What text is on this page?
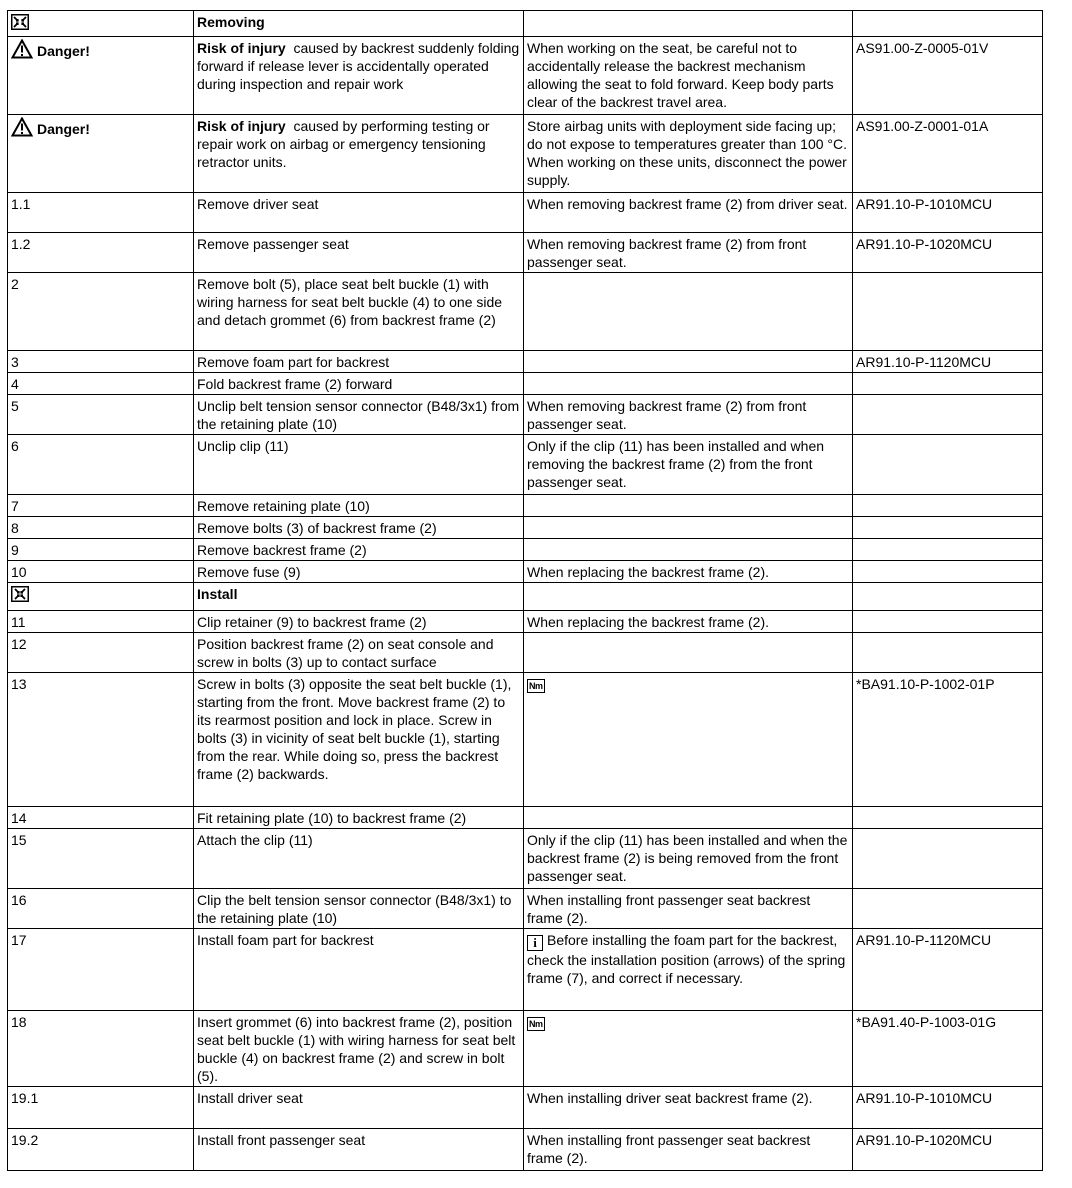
	Removing		
Danger!	Risk of injury caused by backrest suddenly folding forward if release lever is accidentally operated during inspection and repair work	When working on the seat, be careful not to accidentally release the backrest mechanism allowing the seat to fold forward. Keep body parts clear of the backrest travel area.	AS91.00-Z-0005-01V
Danger!	Risk of injury caused by performing testing or repair work on airbag or emergency tensioning retractor units.	Store airbag units with deployment side facing up; do not expose to temperatures greater than 100 °C. When working on these units, disconnect the power supply.	AS91.00-Z-0001-01A
1.1	Remove driver seat	When removing backrest frame (2) from driver seat.	AR91.10-P-1010MCU
1.2	Remove passenger seat	When removing backrest frame (2) from front passenger seat.	AR91.10-P-1020MCU
2	Remove bolt (5), place seat belt buckle (1) with wiring harness for seat belt buckle (4) to one side and detach grommet (6) from backrest frame (2)		
3	Remove foam part for backrest		AR91.10-P-1120MCU
4	Fold backrest frame (2) forward		
5	Unclip belt tension sensor connector (B48/3x1) from the retaining plate (10)	When removing backrest frame (2) from front passenger seat.	
6	Unclip clip (11)	Only if the clip (11) has been installed and when removing the backrest frame (2) from the front passenger seat.	
7	Remove retaining plate (10)		
8	Remove bolts (3) of backrest frame (2)		
9	Remove backrest frame (2)		
10	Remove fuse (9)	When replacing the backrest frame (2).	
	Install		
11	Clip retainer (9) to backrest frame (2)	When replacing the backrest frame (2).	
12	Position backrest frame (2) on seat console and screw in bolts (3) up to contact surface		
13	Screw in bolts (3) opposite the seat belt buckle (1), starting from the front. Move backrest frame (2) to its rearmost position and lock in place. Screw in bolts (3) in vicinity of seat belt buckle (1), starting from the rear. While doing so, press the backrest frame (2) backwards.	Nm	*BA91.10-P-1002-01P
14	Fit retaining plate (10) to backrest frame (2)		
15	Attach the clip (11)	Only if the clip (11) has been installed and when the backrest frame (2) is being removed from the front passenger seat.	
16	Clip the belt tension sensor connector (B48/3x1) to the retaining plate (10)	When installing front passenger seat backrest frame (2).	
17	Install foam part for backrest	i Before installing the foam part for the backrest, check the installation position (arrows) of the spring frame (7), and correct if necessary.	AR91.10-P-1120MCU
18	Insert grommet (6) into backrest frame (2), position seat belt buckle (1) with wiring harness for seat belt buckle (4) on backrest frame (2) and screw in bolt (5).	Nm	*BA91.40-P-1003-01G
19.1	Install driver seat	When installing driver seat backrest frame (2).	AR91.10-P-1010MCU
19.2	Install front passenger seat	When installing front passenger seat backrest frame (2).	AR91.10-P-1020MCU
